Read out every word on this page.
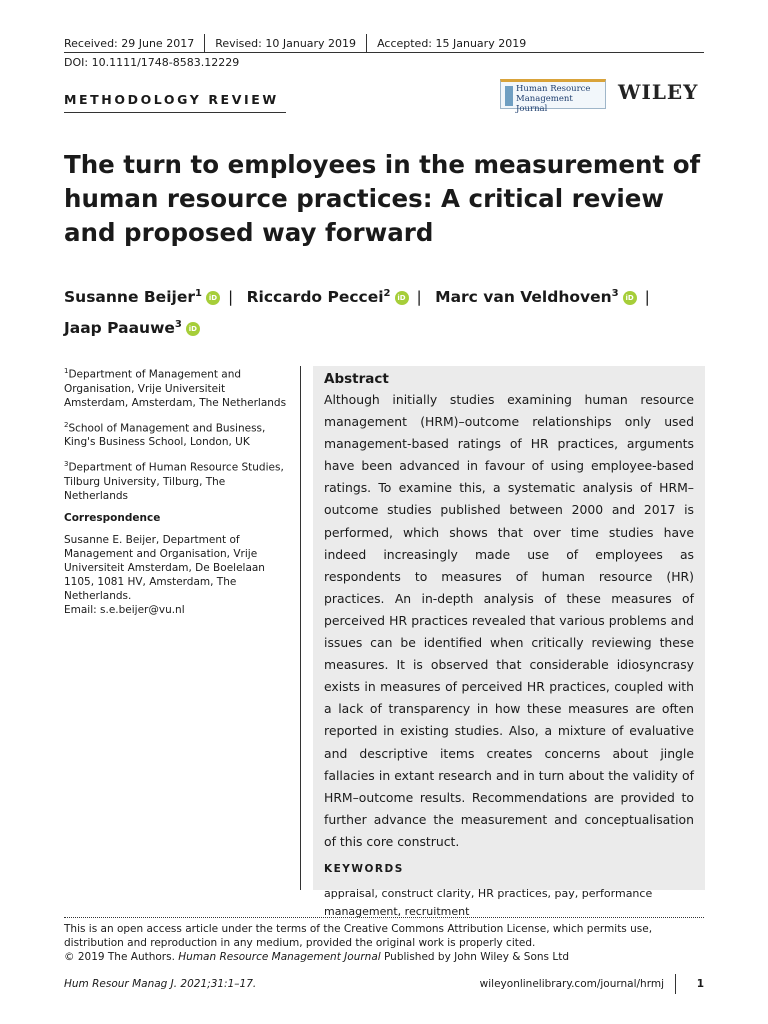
Received: 29 June 2017	Revised: 10 January 2019	Accepted: 15 January 2019
DOI: 10.1111/1748-8583.12229
METHODOLOGY REVIEW
Human Resource Management Journal
WILEY
The turn to employees in the measurement of human resource practices: A critical review and proposed way forward
Susanne Beijer$^1$ iD | Riccardo Peccei$^2$ iD | Marc van Veldhoven$^3$ iD |
Jaap Paauwe$^3$ iD

$^1$Department of Management and Organisation, Vrije Universiteit Amsterdam, Amsterdam, The Netherlands

$^2$School of Management and Business, King's Business School, London, UK

$^3$Department of Human Resource Studies, Tilburg University, Tilburg, The Netherlands

Correspondence

Susanne E. Beijer, Department of Management and Organisation, Vrije Universiteit Amsterdam, De Boelelaan 1105, 1081 HV, Amsterdam, The Netherlands.
Email: s.e.beijer@vu.nl

Abstract

Although initially studies examining human resource management (HRM)–outcome relationships only used management-based ratings of HR practices, arguments have been advanced in favour of using employee-based ratings. To examine this, a systematic analysis of HRM–outcome studies published between 2000 and 2017 is performed, which shows that over time studies have indeed increasingly made use of employees as respondents to measures of human resource (HR) practices. An in-depth analysis of these measures of perceived HR practices revealed that various problems and issues can be identified when critically reviewing these measures. It is observed that considerable idiosyncrasy exists in measures of perceived HR practices, coupled with a lack of transparency in how these measures are often reported in existing studies. Also, a mixture of evaluative and descriptive items creates concerns about jingle fallacies in extant research and in turn about the validity of HRM–outcome results. Recommendations are provided to further advance the measurement and conceptualisation of this core construct.

KEYWORDS
appraisal, construct clarity, HR practices, pay, performance management, recruitment

This is an open access article under the terms of the Creative Commons Attribution License, which permits use, distribution and reproduction in any medium, provided the original work is properly cited.

© 2019 The Authors. Human Resource Management Journal Published by John Wiley & Sons Ltd

Hum Resour Manag J. 2021;31:1–17.	wileyonlinelibrary.com/journal/hrmj	1
